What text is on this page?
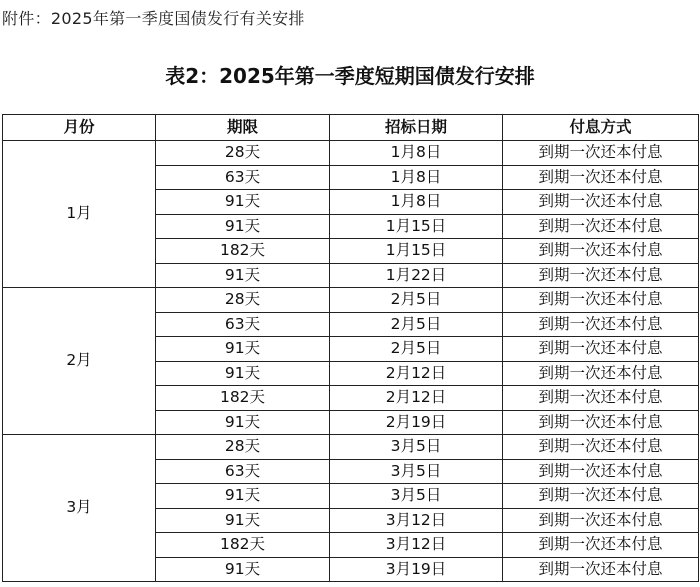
附件：2025年第一季度国债发行有关安排
表2：2025年第一季度短期国债发行安排
月份	期限	招标日期	付息方式
1月	28天	1月8日	到期一次还本付息
	63天	1月8日	到期一次还本付息
	91天	1月8日	到期一次还本付息
	91天	1月15日	到期一次还本付息
	182天	1月15日	到期一次还本付息
	91天	1月22日	到期一次还本付息
2月	28天	2月5日	到期一次还本付息
	63天	2月5日	到期一次还本付息
	91天	2月5日	到期一次还本付息
	91天	2月12日	到期一次还本付息
	182天	2月12日	到期一次还本付息
	91天	2月19日	到期一次还本付息
3月	28天	3月5日	到期一次还本付息
	63天	3月5日	到期一次还本付息
	91天	3月5日	到期一次还本付息
	91天	3月12日	到期一次还本付息
	182天	3月12日	到期一次还本付息
	91天	3月19日	到期一次还本付息
